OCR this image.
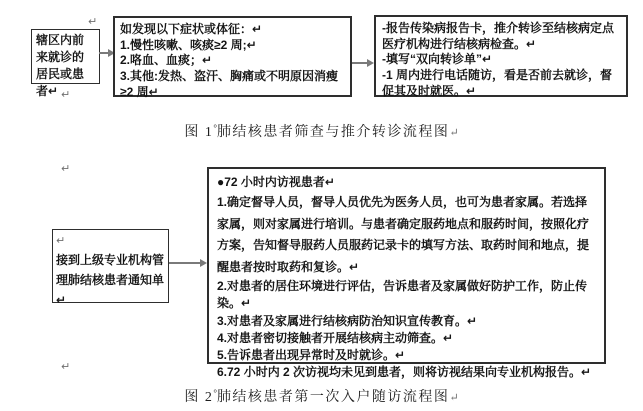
↵
↵
↵
↵
辖区内前来就诊的居民或患者↵
如发现以下症状或体征：↵
1.慢性咳嗽、咳痰≥2 周;↵
2.咯血、血痰；↵
3.其他:发热、盗汗、胸痛或不明原因消瘦≥2 周↵
-报告传染病报告卡，推介转诊至结核病定点医疗机构进行结核病检查。↵
-填写“双向转诊单”↵
-1 周内进行电话随访，看是否前去就诊，督促其及时就医。↵
图 1°肺结核患者筛查与推介转诊流程图↵
↵
接到上级专业机构管理肺结核患者通知单↵
●72 小时内访视患者↵
1.确定督导人员，督导人员优先为医务人员，也可为患者家属。若选择家属，则对家属进行培训。与患者确定服药地点和服药时间，按照化疗方案，告知督导服药人员服药记录卡的填写方法、取药时间和地点，提醒患者按时取药和复诊。↵
2.对患者的居住环境进行评估，告诉患者及家属做好防护工作，防止传染。↵
3.对患者及家属进行结核病防治知识宣传教育。↵
4.对患者密切接触者开展结核病主动筛查。↵
5.告诉患者出现异常时及时就诊。↵
6.72 小时内 2 次访视均未见到患者，则将访视结果向专业机构报告。↵
图 2°肺结核患者第一次入户随访流程图↵
